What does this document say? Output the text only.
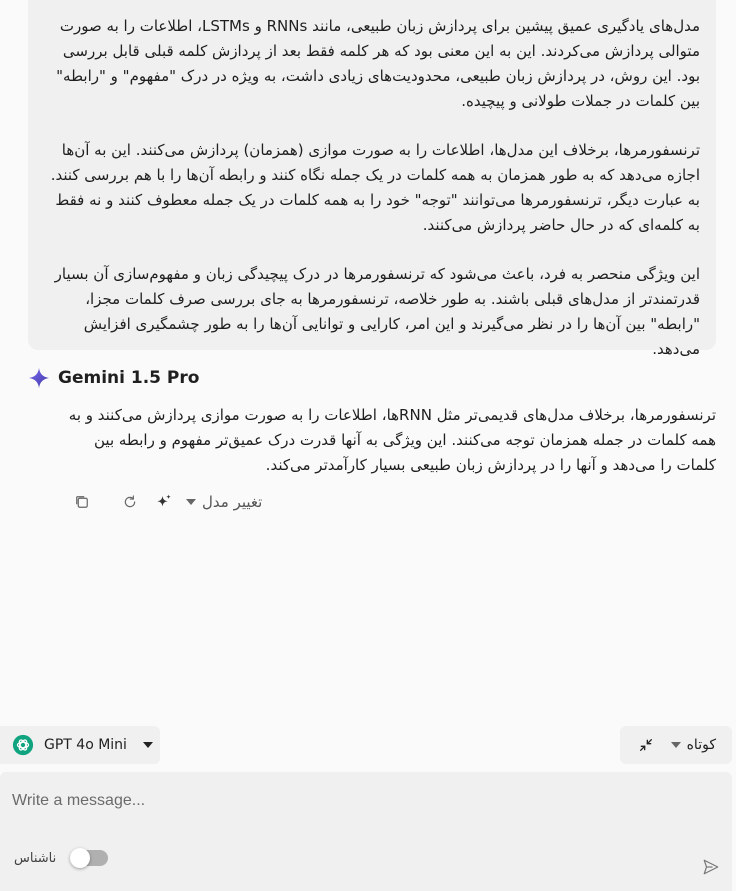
مدل‌های یادگیری عمیق پیشین برای پردازش زبان طبیعی، مانند RNNs و LSTMs، اطلاعات را به صورت متوالی پردازش می‌کردند. این به این معنی بود که هر کلمه فقط بعد از پردازش کلمه قبلی قابل بررسی بود. این روش، در پردازش زبان طبیعی، محدودیت‌های زیادی داشت، به ویژه در درک "مفهوم" و "رابطه" بین کلمات در جملات طولانی و پیچیده.

ترنسفورمرها، برخلاف این مدل‌ها، اطلاعات را به صورت موازی (همزمان) پردازش می‌کنند. این به آن‌ها اجازه می‌دهد که به طور همزمان به همه کلمات در یک جمله نگاه کنند و رابطه آن‌ها را با هم بررسی کنند. به عبارت دیگر، ترنسفورمرها می‌توانند "توجه" خود را به همه کلمات در یک جمله معطوف کنند و نه فقط به کلمه‌ای که در حال حاضر پردازش می‌کنند.

این ویژگی منحصر به فرد، باعث می‌شود که ترنسفورمرها در درک پیچیدگی زبان و مفهوم‌سازی آن بسیار قدرتمندتر از مدل‌های قبلی باشند. به طور خلاصه، ترنسفورمرها به جای بررسی صرف کلمات مجزا، "رابطه" بین آن‌ها را در نظر می‌گیرند و این امر، کارایی و توانایی آن‌ها را به طور چشمگیری افزایش می‌دهد.

Gemini 1.5 Pro

ترنسفورمرها، برخلاف مدل‌های قدیمی‌تر مثل RNNها، اطلاعات را به صورت موازی پردازش می‌کنند و به همه کلمات در جمله همزمان توجه می‌کنند. این ویژگی به آنها قدرت درک عمیق‌تر مفهوم و رابطه بین کلمات را می‌دهد و آنها را در پردازش زبان طبیعی بسیار کارآمدتر می‌کند.

تغییر مدل
GPT 4o Mini	کوتاه
Write a message...
ناشناس
